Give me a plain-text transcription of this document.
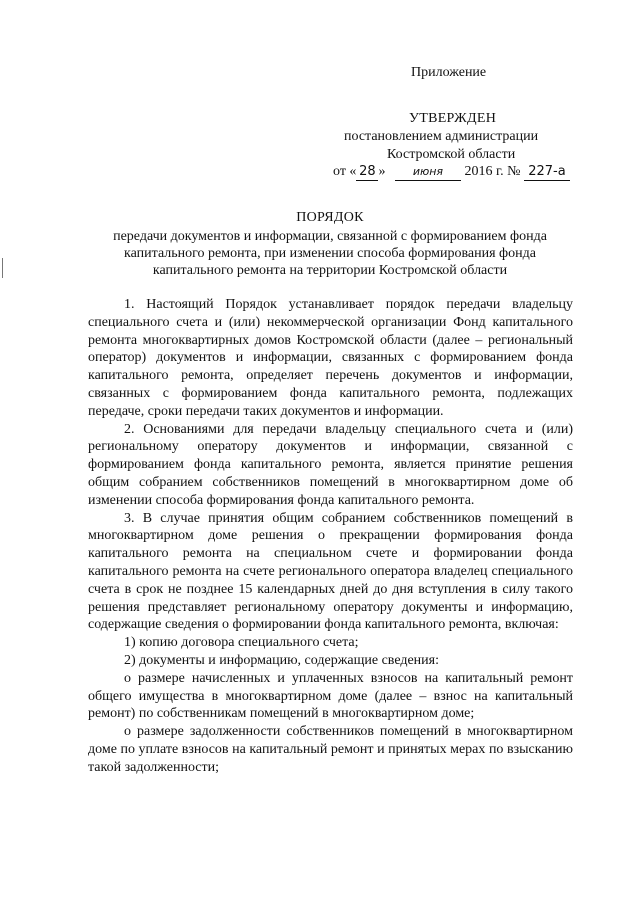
Приложение
УТВЕРЖДЕН
постановлением администрации
Костромской области
от « 28 » июня 2016 г. № 227-а
ПОРЯДОК
передачи документов и информации, связанной с формированием фонда
капитального ремонта, при изменении способа формирования фонда
капитального ремонта на территории Костромской области

1. Настоящий Порядок устанавливает порядок передачи владельцу специального счета и (или) некоммерческой организации Фонд капитального ремонта многоквартирных домов Костромской области (далее – региональный оператор) документов и информации, связанных с формированием фонда капитального ремонта, определяет перечень документов и информации, связанных с формированием фонда капитального ремонта, подлежащих передаче, сроки передачи таких документов и информации.

2. Основаниями для передачи владельцу специального счета и (или) региональному оператору документов и информации, связанной с формированием фонда капитального ремонта, является принятие решения общим собранием собственников помещений в многоквартирном доме об изменении способа формирования фонда капитального ремонта.

3. В случае принятия общим собранием собственников помещений в многоквартирном доме решения о прекращении формирования фонда капитального ремонта на специальном счете и формировании фонда капитального ремонта на счете регионального оператора владелец специального счета в срок не позднее 15 календарных дней до дня вступления в силу такого решения представляет региональному оператору документы и информацию, содержащие сведения о формировании фонда капитального ремонта, включая:

1) копию договора специального счета;

2) документы и информацию, содержащие сведения:

о размере начисленных и уплаченных взносов на капитальный ремонт общего имущества в многоквартирном доме (далее – взнос на капитальный ремонт) по собственникам помещений в многоквартирном доме;

о размере задолженности собственников помещений в многоквартирном доме по уплате взносов на капитальный ремонт и принятых мерах по взысканию такой задолженности;
